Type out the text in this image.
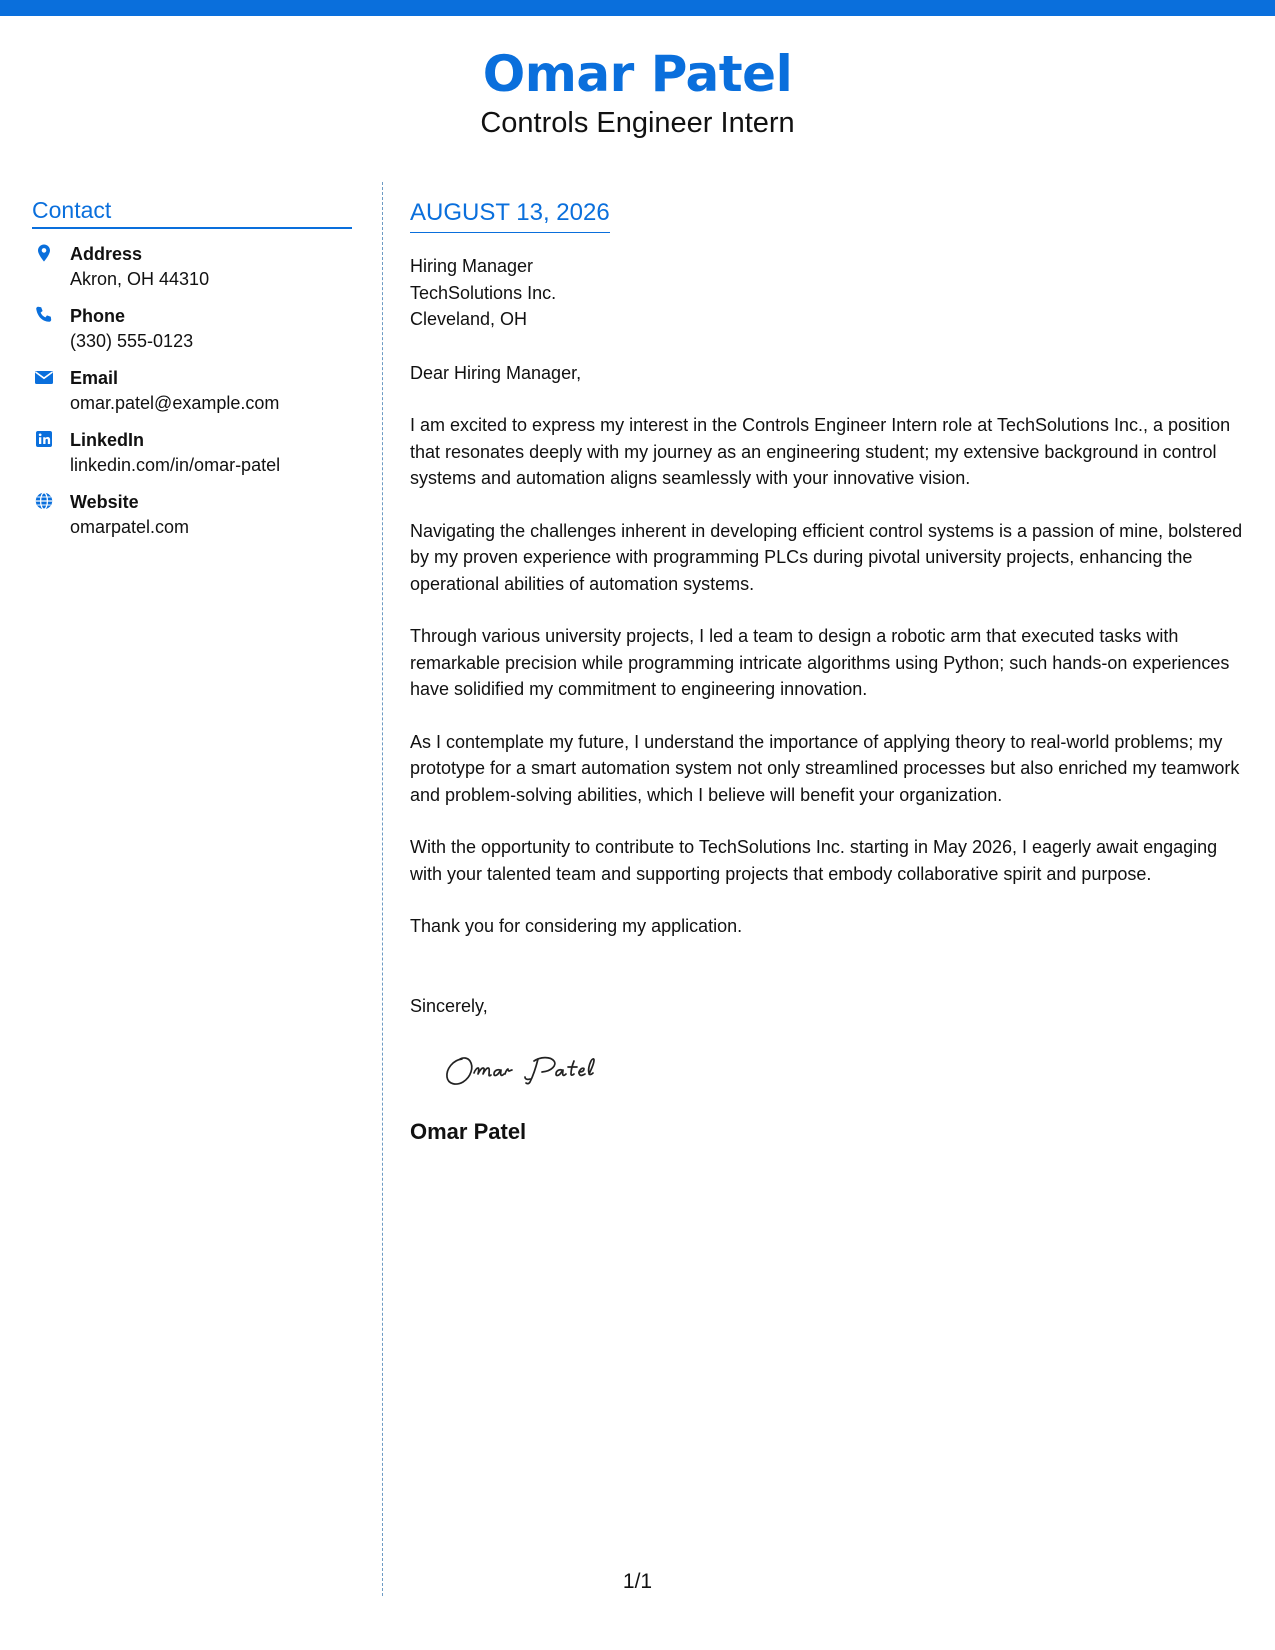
Omar Patel
Controls Engineer Intern
Contact
Address
Akron, OH 44310
Phone
(330) 555-0123
Email
omar.patel@example.com
LinkedIn
linkedin.com/in/omar-patel
Website
omarpatel.com
AUGUST 13, 2026
Hiring Manager
TechSolutions Inc.
Cleveland, OH
Dear Hiring Manager,
I am excited to express my interest in the Controls Engineer Intern role at TechSolutions Inc., a position that resonates deeply with my journey as an engineering student; my extensive background in control systems and automation aligns seamlessly with your innovative vision.
Navigating the challenges inherent in developing efficient control systems is a passion of mine, bolstered by my proven experience with programming PLCs during pivotal university projects, enhancing the operational abilities of automation systems.
Through various university projects, I led a team to design a robotic arm that executed tasks with remarkable precision while programming intricate algorithms using Python; such hands-on experiences have solidified my commitment to engineering innovation.
As I contemplate my future, I understand the importance of applying theory to real-world problems; my prototype for a smart automation system not only streamlined processes but also enriched my teamwork and problem-solving abilities, which I believe will benefit your organization.
With the opportunity to contribute to TechSolutions Inc. starting in May 2026, I eagerly await engaging with your talented team and supporting projects that embody collaborative spirit and purpose.
Thank you for considering my application.
Sincerely,
Omar Patel
1/1
